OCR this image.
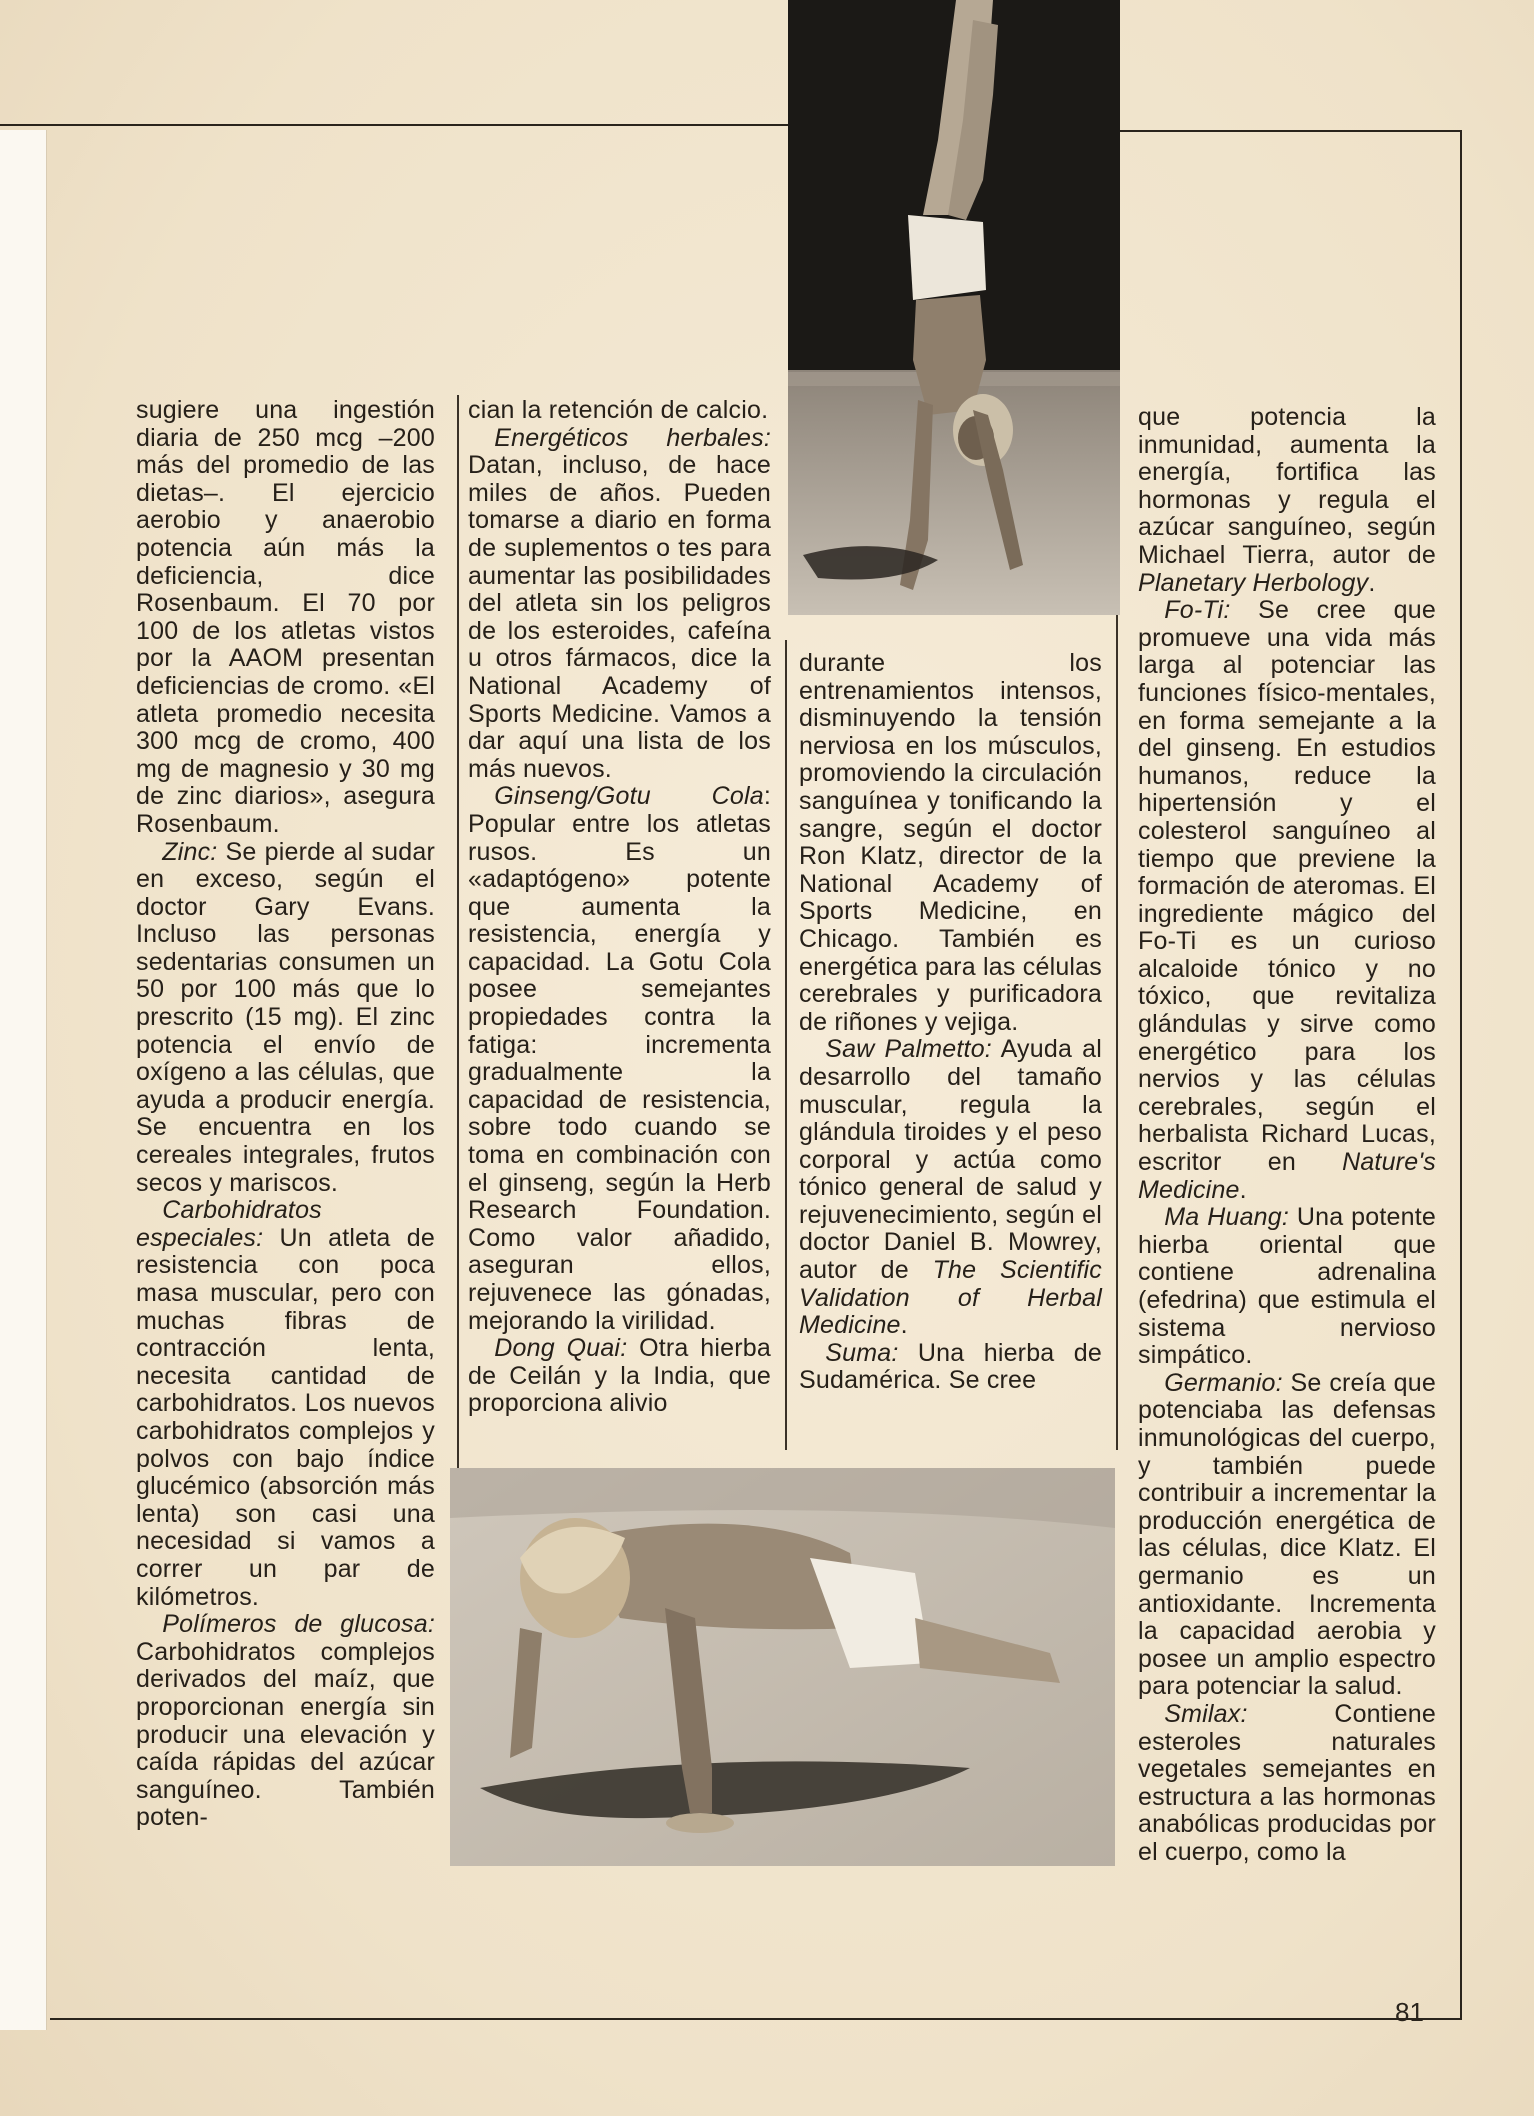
sugiere una ingestión diaria de 250 mcg –200 más del promedio de las dietas–. El ejercicio aerobio y anaerobio potencia aún más la deficiencia, dice Rosenbaum. El 70 por 100 de los atletas vistos por la AAOM presentan deficiencias de cromo. «El atleta promedio necesita 300 mcg de cromo, 400 mg de magnesio y 30 mg de zinc diarios», asegura Rosenbaum.

Zinc: Se pierde al sudar en exceso, según el doctor Gary Evans. Incluso las personas sedentarias consumen un 50 por 100 más que lo prescrito (15 mg). El zinc potencia el envío de oxígeno a las células, que ayuda a producir energía. Se encuentra en los cereales integrales, frutos secos y mariscos.

Carbohidratos especiales: Un atleta de resistencia con poca masa muscular, pero con muchas fibras de contracción lenta, necesita cantidad de carbohidratos. Los nuevos carbohidratos complejos y polvos con bajo índice glucémico (absorción más lenta) son casi una necesidad si vamos a correr un par de kilómetros.

Polímeros de glucosa: Carbohidratos complejos derivados del maíz, que proporcionan energía sin producir una elevación y caída rápidas del azúcar sanguíneo. También poten-

cian la retención de calcio.

Energéticos herbales: Datan, incluso, de hace miles de años. Pueden tomarse a diario en forma de suplementos o tes para aumentar las posibilidades del atleta sin los peligros de los esteroides, cafeína u otros fármacos, dice la National Academy of Sports Medicine. Vamos a dar aquí una lista de los más nuevos.

Ginseng/Gotu Cola: Popular entre los atletas rusos. Es un «adaptógeno» potente que aumenta la resistencia, energía y capacidad. La Gotu Cola posee semejantes propiedades contra la fatiga: incrementa gradualmente la capacidad de resistencia, sobre todo cuando se toma en combinación con el ginseng, según la Herb Research Foundation. Como valor añadido, aseguran ellos, rejuvenece las gónadas, mejorando la virilidad.

Dong Quai: Otra hierba de Ceilán y la India, que proporciona alivio

durante los entrenamientos intensos, disminuyendo la tensión nerviosa en los músculos, promoviendo la circulación sanguínea y tonificando la sangre, según el doctor Ron Klatz, director de la National Academy of Sports Medicine, en Chicago. También es energética para las células cerebrales y purificadora de riñones y vejiga.

Saw Palmetto: Ayuda al desarrollo del tamaño muscular, regula la glándula tiroides y el peso corporal y actúa como tónico general de salud y rejuvenecimiento, según el doctor Daniel B. Mowrey, autor de The Scientific Validation of Herbal Medicine.

Suma: Una hierba de Sudamérica. Se cree

que potencia la inmunidad, aumenta la energía, fortifica las hormonas y regula el azúcar sanguíneo, según Michael Tierra, autor de Planetary Herbology.

Fo-Ti: Se cree que promueve una vida más larga al potenciar las funciones físico-mentales, en forma semejante a la del ginseng. En estudios humanos, reduce la hipertensión y el colesterol sanguíneo al tiempo que previene la formación de ateromas. El ingrediente mágico del Fo-Ti es un curioso alcaloide tónico y no tóxico, que revitaliza glándulas y sirve como energético para los nervios y las células cerebrales, según el herbalista Richard Lucas, escritor en Nature's Medicine.

Ma Huang: Una potente hierba oriental que contiene adrenalina (efedrina) que estimula el sistema nervioso simpático.

Germanio: Se creía que potenciaba las defensas inmunológicas del cuerpo, y también puede contribuir a incrementar la producción energética de las células, dice Klatz. El germanio es un antioxidante. Incrementa la capacidad aerobia y posee un amplio espectro para potenciar la salud.

Smilax: Contiene esteroles naturales vegetales semejantes en estructura a las hormonas anabólicas producidas por el cuerpo, como la

81
